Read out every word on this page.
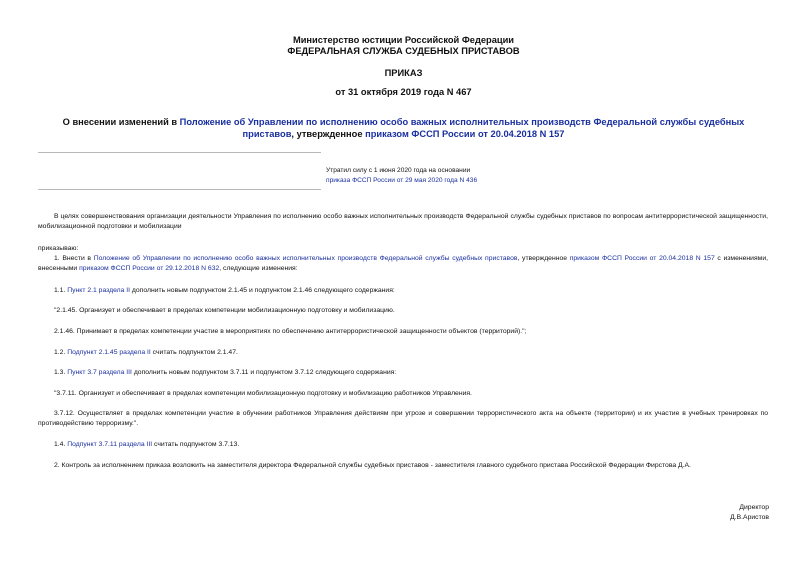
Министерство юстиции Российской Федерации
ФЕДЕРАЛЬНАЯ СЛУЖБА СУДЕБНЫХ ПРИСТАВОВ
ПРИКАЗ
от 31 октября 2019 года N 467
О внесении изменений в Положение об Управлении по исполнению особо важных исполнительных производств Федеральной службы судебных приставов, утвержденное приказом ФССП России от 20.04.2018 N 157
Утратил силу с 1 июня 2020 года на основании
приказа ФССП России от 29 мая 2020 года N 436
В целях совершенствования организации деятельности Управления по исполнению особо важных исполнительных производств Федеральной службы судебных приставов по вопросам антитеррористической защищенности, мобилизационной подготовки и мобилизации
приказываю:
1. Внести в Положение об Управлении по исполнению особо важных исполнительных производств Федеральной службы судебных приставов, утвержденное приказом ФССП России от 20.04.2018 N 157 с изменениями, внесенными приказом ФССП России от 29.12.2018 N 632, следующие изменения:
1.1. Пункт 2.1 раздела II дополнить новым подпунктом 2.1.45 и подпунктом 2.1.46 следующего содержания:
"2.1.45. Организует и обеспечивает в пределах компетенции мобилизационную подготовку и мобилизацию.
2.1.46. Принимает в пределах компетенции участие в мероприятиях по обеспечению антитеррористической защищенности объектов (территорий).";
1.2. Подпункт 2.1.45 раздела II считать подпунктом 2.1.47.
1.3. Пункт 3.7 раздела III дополнить новым подпунктом 3.7.11 и подпунктом 3.7.12 следующего содержания:
"3.7.11. Организует и обеспечивает в пределах компетенции мобилизационную подготовку и мобилизацию работников Управления.
3.7.12. Осуществляет в пределах компетенции участие в обучении работников Управления действиям при угрозе и совершении террористического акта на объекте (территории) и их участие в учебных тренировках по противодействию терроризму.".
1.4. Подпункт 3.7.11 раздела III считать подпунктом 3.7.13.
2. Контроль за исполнением приказа возложить на заместителя директора Федеральной службы судебных приставов - заместителя главного судебного пристава Российской Федерации Фирстова Д.А.
Директор
Д.В.Аристов
